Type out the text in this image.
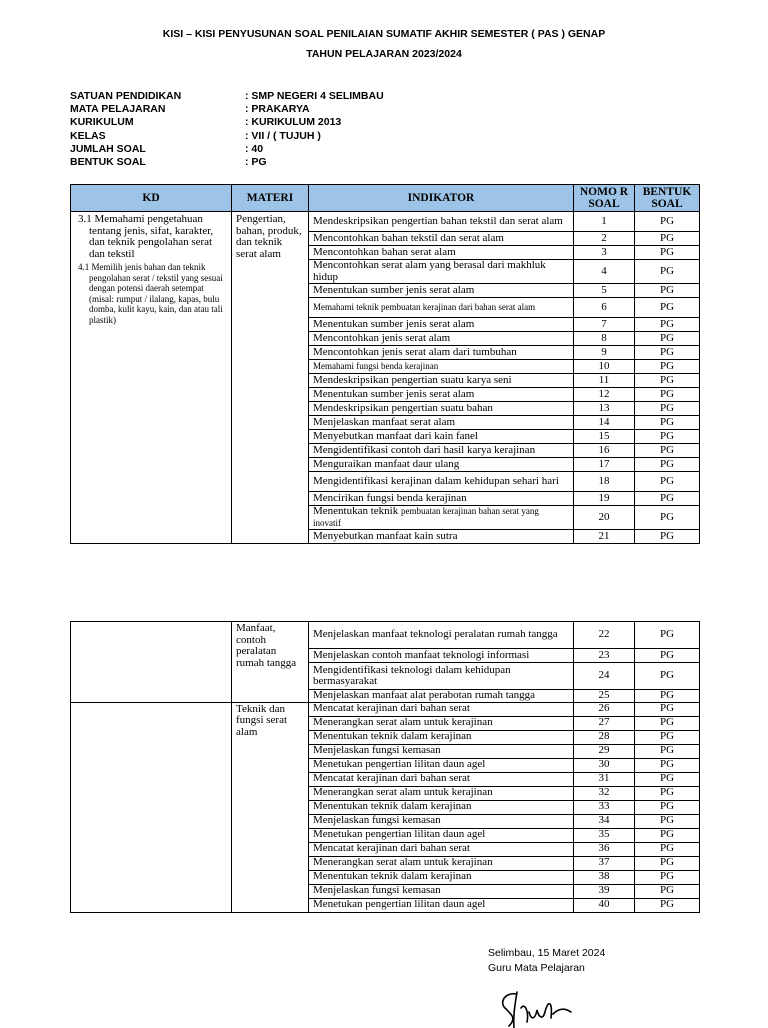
KISI – KISI PENYUSUNAN SOAL PENILAIAN SUMATIF AKHIR SEMESTER ( PAS ) GENAP
TAHUN PELAJARAN 2023/2024
SATUAN PENDIDIKAN	: SMP NEGERI 4 SELIMBAU
MATA PELAJARAN	: PRAKARYA
KURIKULUM	: KURIKULUM 2013
KELAS	: VII / ( TUJUH )
JUMLAH SOAL	: 40
BENTUK SOAL	: PG
KD	MATERI	INDIKATOR	NOMO R SOAL	BENTUK SOAL

3.1 Memahami pengetahuan tentang jenis, sifat, karakter, dan teknik pengolahan serat dan tekstil
4.1 Memilih jenis bahan dan teknik pengolahan serat / tekstil yang sesuai dengan potensi daerah setempat (misal: rumput / ilalang, kapas, bulu domba, kulit kayu, kain, dan atau tali plastik)	Pengertian, bahan, produk, dan teknik serat alam	Mendeskripsikan pengertian bahan tekstil dan serat alam	1	PG
		Mencontohkan bahan tekstil dan serat alam	2	PG
		Mencontohkan bahan serat alam	3	PG
		Mencontohkan serat alam yang berasal dari makhluk hidup	4	PG
		Menentukan sumber jenis serat alam	5	PG
		Memahami teknik pembuatan kerajinan dari bahan serat alam	6	PG
		Menentukan sumber jenis serat alam	7	PG
		Mencontohkan jenis serat alam	8	PG
		Mencontohkan jenis serat alam dari tumbuhan	9	PG
		Memahami fungsi benda kerajinan	10	PG
		Mendeskripsikan pengertian suatu karya seni	11	PG
		Menentukan sumber jenis serat alam	12	PG
		Mendeskripsikan pengertian suatu bahan	13	PG
		Menjelaskan manfaat serat alam	14	PG
		Menyebutkan manfaat dari kain fanel	15	PG
		Mengidentifikasi contoh dari hasil karya kerajinan	16	PG
		Menguraikan manfaat daur ulang	17	PG
		Mengidentifikasi kerajinan dalam kehidupan sehari hari	18	PG
		Mencirikan fungsi benda kerajinan	19	PG
		Menentukan teknik pembuatan kerajinan bahan serat yang inovatif	20	PG
		Menyebutkan manfaat kain sutra	21	PG
	Manfaat, contoh peralatan rumah tangga	Menjelaskan manfaat teknologi peralatan rumah tangga	22	PG
		Menjelaskan contoh manfaat teknologi informasi	23	PG
		Mengidentifikasi teknologi dalam kehidupan bermasyarakat	24	PG
		Menjelaskan manfaat alat perabotan rumah tangga	25	PG
	Teknik dan fungsi serat alam	Mencatat kerajinan dari bahan serat	26	PG
		Menerangkan serat alam untuk kerajinan	27	PG
		Menentukan teknik dalam kerajinan	28	PG
		Menjelaskan fungsi kemasan	29	PG
		Menetukan pengertian lilitan daun agel	30	PG
		Mencatat kerajinan dari bahan serat	31	PG
		Menerangkan serat alam untuk kerajinan	32	PG
		Menentukan teknik dalam kerajinan	33	PG
		Menjelaskan fungsi kemasan	34	PG
		Menetukan pengertian lilitan daun agel	35	PG
		Mencatat kerajinan dari bahan serat	36	PG
		Menerangkan serat alam untuk kerajinan	37	PG
		Menentukan teknik dalam kerajinan	38	PG
		Menjelaskan fungsi kemasan	39	PG
		Menetukan pengertian lilitan daun agel	40	PG
Selimbau, 15 Maret 2024
Guru Mata Pelajaran
